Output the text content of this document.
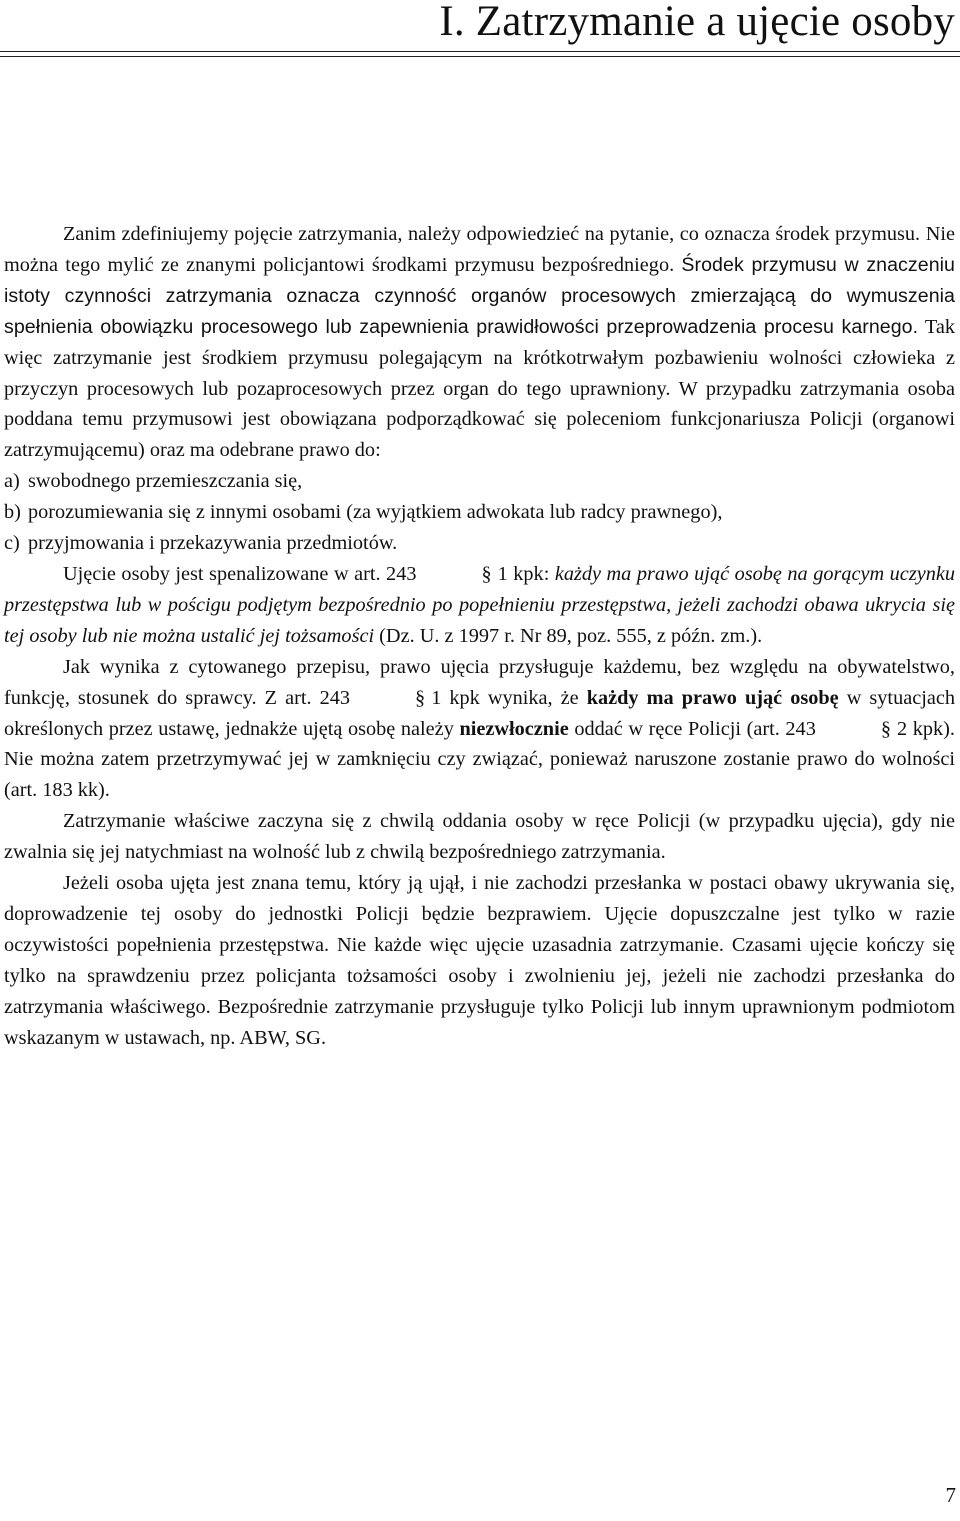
I. Zatrzymanie a ujęcie osoby

Zanim zdefiniujemy pojęcie zatrzymania, należy odpowiedzieć na pytanie, co oznacza środek przymusu. Nie można tego mylić ze znanymi policjantowi środkami przymusu bezpośredniego. Środek przymusu w znaczeniu istoty czynności zatrzymania oznacza czynność organów procesowych zmierzającą do wymuszenia spełnienia obowiązku procesowego lub zapewnienia prawidłowości przeprowadzenia procesu karnego. Tak więc zatrzymanie jest środkiem przymusu polegającym na krótkotrwałym pozbawieniu wolności człowieka z przyczyn procesowych lub pozaprocesowych przez organ do tego uprawniony. W przypadku zatrzymania osoba poddana temu przymusowi jest obowiązana podporządkować się poleceniom funkcjonariusza Policji (organowi zatrzymującemu) oraz ma odebrane prawo do:

a) swobodnego przemieszczania się,
b) porozumiewania się z innymi osobami (za wyjątkiem adwokata lub radcy prawnego),
c) przyjmowania i przekazywania przedmiotów.

Ujęcie osoby jest spenalizowane w art. 243	§ 1 kpk: każdy ma prawo ująć osobę na gorącym uczynku przestępstwa lub w pościgu podjętym bezpośrednio po popełnieniu przestępstwa, jeżeli zachodzi obawa ukrycia się tej osoby lub nie można ustalić jej tożsamości (Dz. U. z 1997 r. Nr 89, poz. 555, z późn. zm.).

Jak wynika z cytowanego przepisu, prawo ujęcia przysługuje każdemu, bez względu na obywatelstwo, funkcję, stosunek do sprawcy. Z art. 243	§ 1 kpk wynika, że każdy ma prawo ująć osobę w sytuacjach określonych przez ustawę, jednakże ujętą osobę należy niezwłocznie oddać w ręce Policji (art. 243	§ 2 kpk). Nie można zatem przetrzymywać jej w zamknięciu czy związać, ponieważ naruszone zostanie prawo do wolności (art. 183 kk).

Zatrzymanie właściwe zaczyna się z chwilą oddania osoby w ręce Policji (w przypadku ujęcia), gdy nie zwalnia się jej natychmiast na wolność lub z chwilą bezpośredniego zatrzymania.

Jeżeli osoba ujęta jest znana temu, który ją ujął, i nie zachodzi przesłanka w postaci obawy ukrywania się, doprowadzenie tej osoby do jednostki Policji będzie bezprawiem. Ujęcie dopuszczalne jest tylko w razie oczywistości popełnienia przestępstwa. Nie każde więc ujęcie uzasadnia zatrzymanie. Czasami ujęcie kończy się tylko na sprawdzeniu przez policjanta tożsamości osoby i zwolnieniu jej, jeżeli nie zachodzi przesłanka do zatrzymania właściwego. Bezpośrednie zatrzymanie przysługuje tylko Policji lub innym uprawnionym podmiotom wskazanym w ustawach, np. ABW, SG.

7
